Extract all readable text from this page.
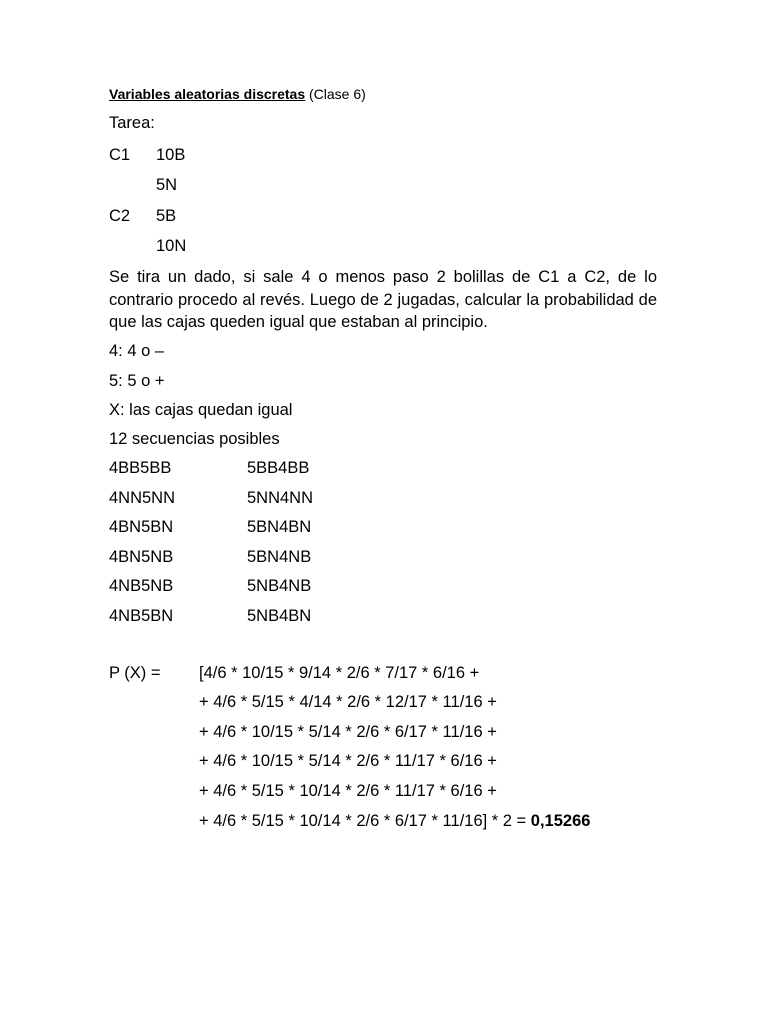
Variables aleatorias discretas (Clase 6)
Tarea:
C1 10B
5N
C2 5B
10N
Se tira un dado, si sale 4 o menos paso 2 bolillas de C1 a C2, de lo contrario procedo al revés. Luego de 2 jugadas, calcular la probabilidad de que las cajas queden igual que estaban al principio.
4: 4 o –
5: 5 o +
X: las cajas quedan igual
12 secuencias posibles
4BB5BB	5BB4BB
4NN5NN	5NN4NN
4BN5BN	5BN4BN
4BN5NB	5BN4NB
4NB5NB	5NB4NB
4NB5BN	5NB4BN
P (X) = [4/6 * 10/15 * 9/14 * 2/6 * 7/17 * 6/16 +
+ 4/6 * 5/15 * 4/14 * 2/6 * 12/17 * 11/16 +
+ 4/6 * 10/15 * 5/14 * 2/6 * 6/17 * 11/16 +
+ 4/6 * 10/15 * 5/14 * 2/6 * 11/17 * 6/16 +
+ 4/6 * 5/15 * 10/14 * 2/6 * 11/17 * 6/16 +
+ 4/6 * 5/15 * 10/14 * 2/6 * 6/17 * 11/16] * 2 = 0,15266
